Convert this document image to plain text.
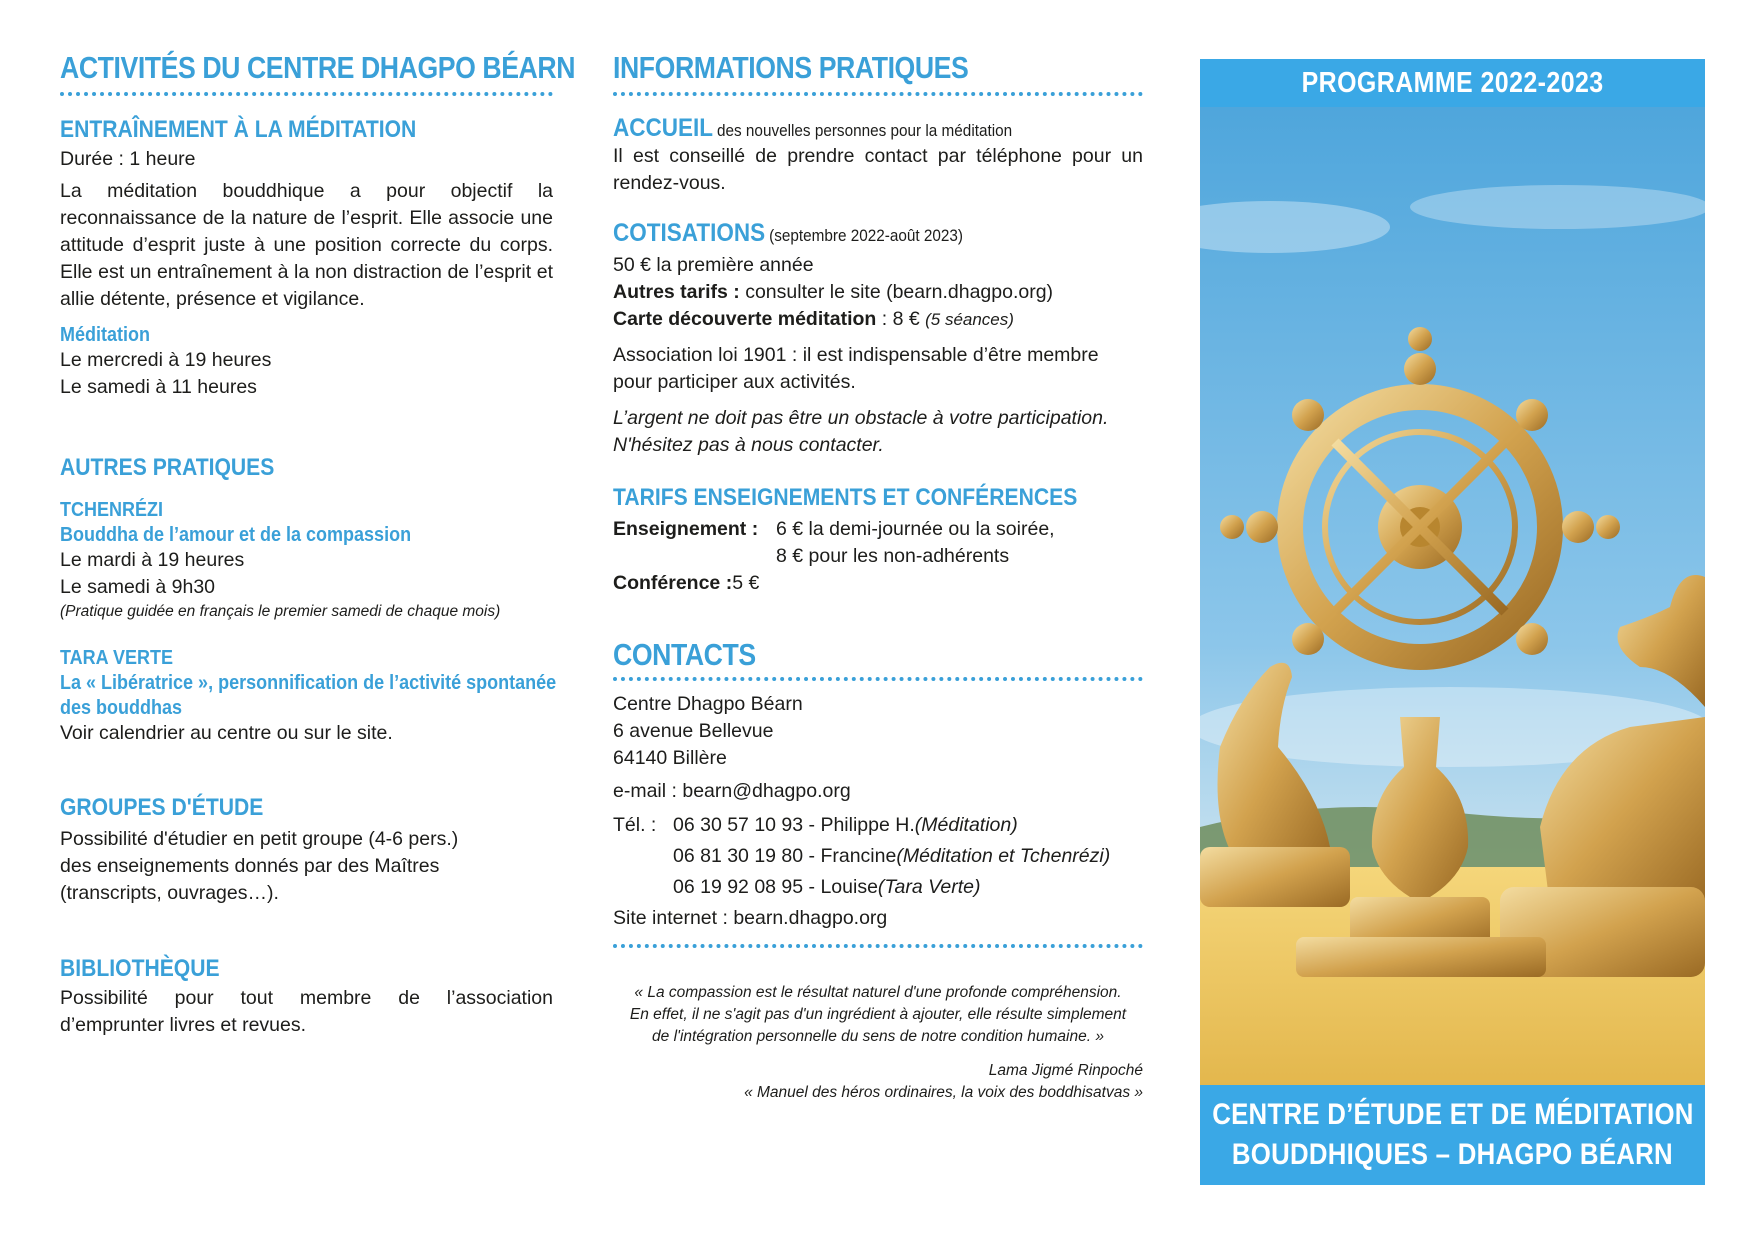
ACTIVITÉS DU CENTRE DHAGPO BÉARN
ENTRAÎNEMENT À LA MÉDITATION
Durée : 1 heure
La méditation bouddhique a pour objectif la reconnaissance de la nature de l’esprit. Elle associe une attitude d’esprit juste à une position correcte du corps. Elle est un entraînement à la non distraction de l’esprit et allie détente, présence et vigilance.
Méditation
Le mercredi à 19 heures
Le samedi à 11 heures
AUTRES PRATIQUES
TCHENRÉZI
Bouddha de l’amour et de la compassion
Le mardi à 19 heures
Le samedi à 9h30
(Pratique guidée en français le premier samedi de chaque mois)
TARA VERTE
La « Libératrice », personnification de l’activité spontanée
des bouddhas
Voir calendrier au centre ou sur le site.
GROUPES D'ÉTUDE
Possibilité d'étudier en petit groupe (4-6 pers.)
des enseignements donnés par des Maîtres
(transcripts, ouvrages…).
BIBLIOTHÈQUE
Possibilité pour tout membre de l’association d’emprunter livres et revues.
INFORMATIONS PRATIQUES
ACCUEIL des nouvelles personnes pour la méditation
Il est conseillé de prendre contact par téléphone pour un rendez-vous.
COTISATIONS (septembre 2022-août 2023)
50 € la première année
Autres tarifs : consulter le site (bearn.dhagpo.org)
Carte découverte méditation : 8 € (5 séances)
Association loi 1901 : il est indispensable d’être membre pour participer aux activités.
L’argent ne doit pas être un obstacle à votre participation. N'hésitez pas à nous contacter.
TARIFS ENSEIGNEMENTS ET CONFÉRENCES
Enseignement : 6 € la demi-journée ou la soirée,
8 € pour les non-adhérents
Conférence : 5 €
CONTACTS
Centre Dhagpo Béarn
6 avenue Bellevue
64140 Billère
e-mail : bearn@dhagpo.org
Tél. : 06 30 57 10 93 - Philippe H. (Méditation)
06 81 30 19 80 - Francine (Méditation et Tchenrézi)
06 19 92 08 95 - Louise (Tara Verte)
Site internet : bearn.dhagpo.org
« La compassion est le résultat naturel d'une profonde compréhension.
En effet, il ne s'agit pas d'un ingrédient à ajouter, elle résulte simplement
de l'intégration personnelle du sens de notre condition humaine. »
Lama Jigmé Rinpoché
« Manuel des héros ordinaires, la voix des boddhisatvas »
PROGRAMME 2022-2023
CENTRE D’ÉTUDE ET DE MÉDITATION
BOUDDHIQUES – DHAGPO BÉARN
